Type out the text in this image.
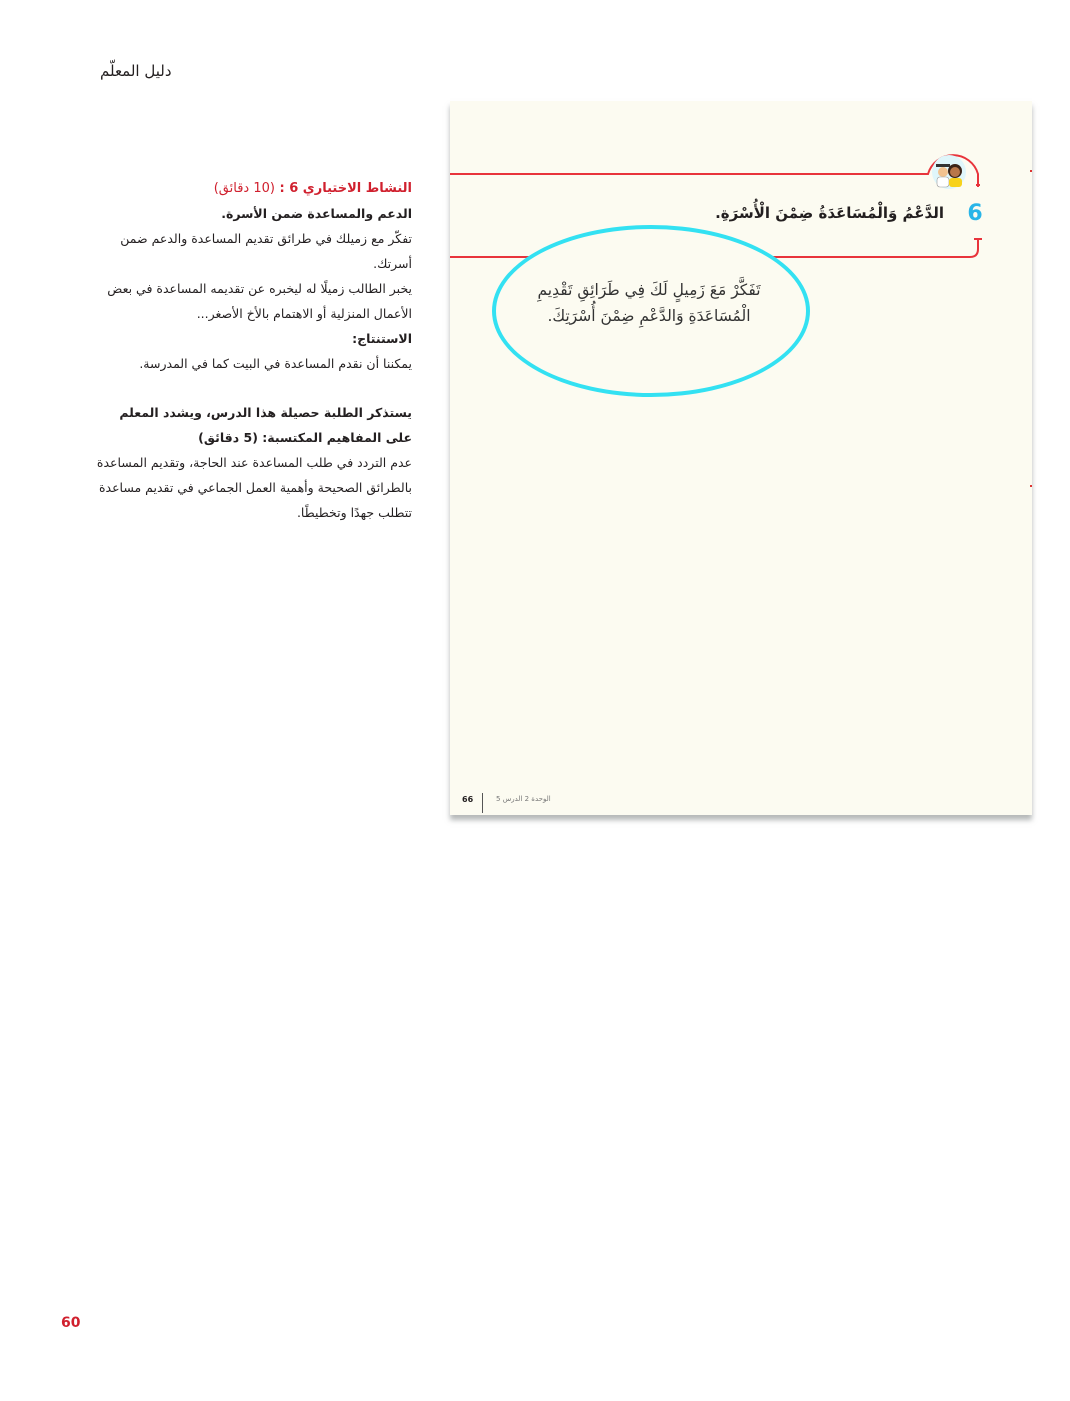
دليل المعلّم

النشاط الاختياري 6 : (10 دقائق)

الدعم والمساعدة ضمن الأسرة.

تفكّر مع زميلك في طرائق تقديم المساعدة والدعم ضمن أسرتك.

يخبر الطالب زميلًا له ليخبره عن تقديمه المساعدة في بعض الأعمال المنزلية أو الاهتمام بالأخ الأصغر...

الاستنتاج:

يمكننا أن نقدم المساعدة في البيت كما في المدرسة.

يستذكر الطلبة حصيلة هذا الدرس، ويشدد المعلم على المفاهيم المكتسبة: (5 دقائق)

عدم التردد في طلب المساعدة عند الحاجة، وتقديم المساعدة بالطرائق الصحيحة وأهمية العمل الجماعي في تقديم مساعدة تتطلب جهدًا وتخطيطًا.

6
الدَّعْمُ وَالْمُسَاعَدَةُ ضِمْنَ الْأُسْرَةِ.
تَفَكَّرْ مَعَ زَمِيلٍ لَكَ فِي طَرَائِقِ تَقْدِيمِ الْمُسَاعَدَةِ وَالدَّعْمِ ضِمْنَ أُسْرَتِكَ.
66	الوحدة 2 الدرس 5
60
